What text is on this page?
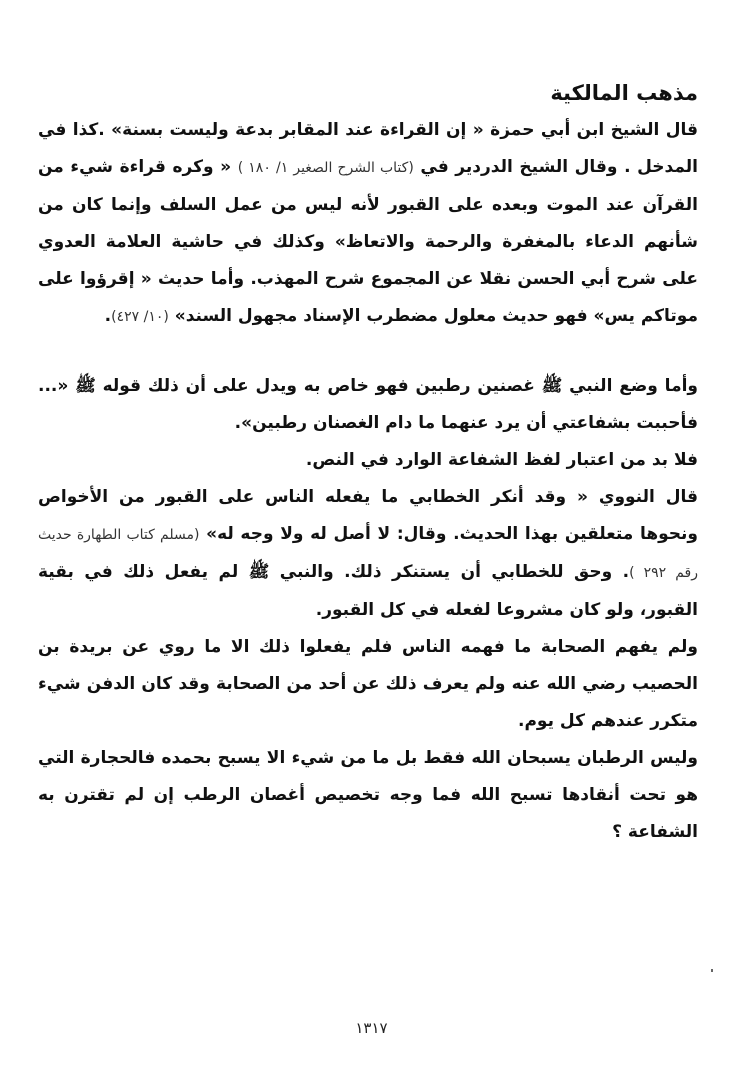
مذهب المالكية

قال الشيخ ابن أبي حمزة « إن القراءة عند المقابر بدعة وليست بسنة» .كذا في المدخل . وقال الشيخ الدردير في (كتاب الشرح الصغير ١/ ١٨٠ ) « وكره قراءة شيء من القرآن عند الموت وبعده على القبور لأنه ليس من عمل السلف وإنما كان من شأنهم الدعاء بالمغفرة والرحمة والاتعاظ» وكذلك في حاشية العلامة العدوي على شرح أبي الحسن نقلا عن المجموع شرح المهذب. وأما حديث « إقرؤوا على موتاكم يس» فهو حديث معلول مضطرب الإسناد مجهول السند» (١٠/ ٤٢٧).

وأما وضع النبي ﷺ غصنين رطبين فهو خاص به ويدل على أن ذلك قوله ﷺ «... فأحببت بشفاعتي أن يرد عنهما ما دام الغصنان رطبين».

فلا بد من اعتبار لفظ الشفاعة الوارد في النص.

قال النووي « وقد أنكر الخطابي ما يفعله الناس على القبور من الأخواص ونحوها متعلقين بهذا الحديث. وقال: لا أصل له ولا وجه له» (مسلم كتاب الطهارة حديث رقم ٢٩٢ ). وحق للخطابي أن يستنكر ذلك. والنبي ﷺ لم يفعل ذلك في بقية القبور، ولو كان مشروعا لفعله في كل القبور.

ولم يفهم الصحابة ما فهمه الناس فلم يفعلوا ذلك الا ما روي عن بريدة بن الحصيب رضي الله عنه ولم يعرف ذلك عن أحد من الصحابة وقد كان الدفن شيء متكرر عندهم كل يوم.

وليس الرطبان يسبحان الله فقط بل ما من شيء الا يسبح بحمده فالحجارة التي هو تحت أنقادها تسبح الله فما وجه تخصيص أغصان الرطب إن لم تقترن به الشفاعة ؟

١٣١٧
